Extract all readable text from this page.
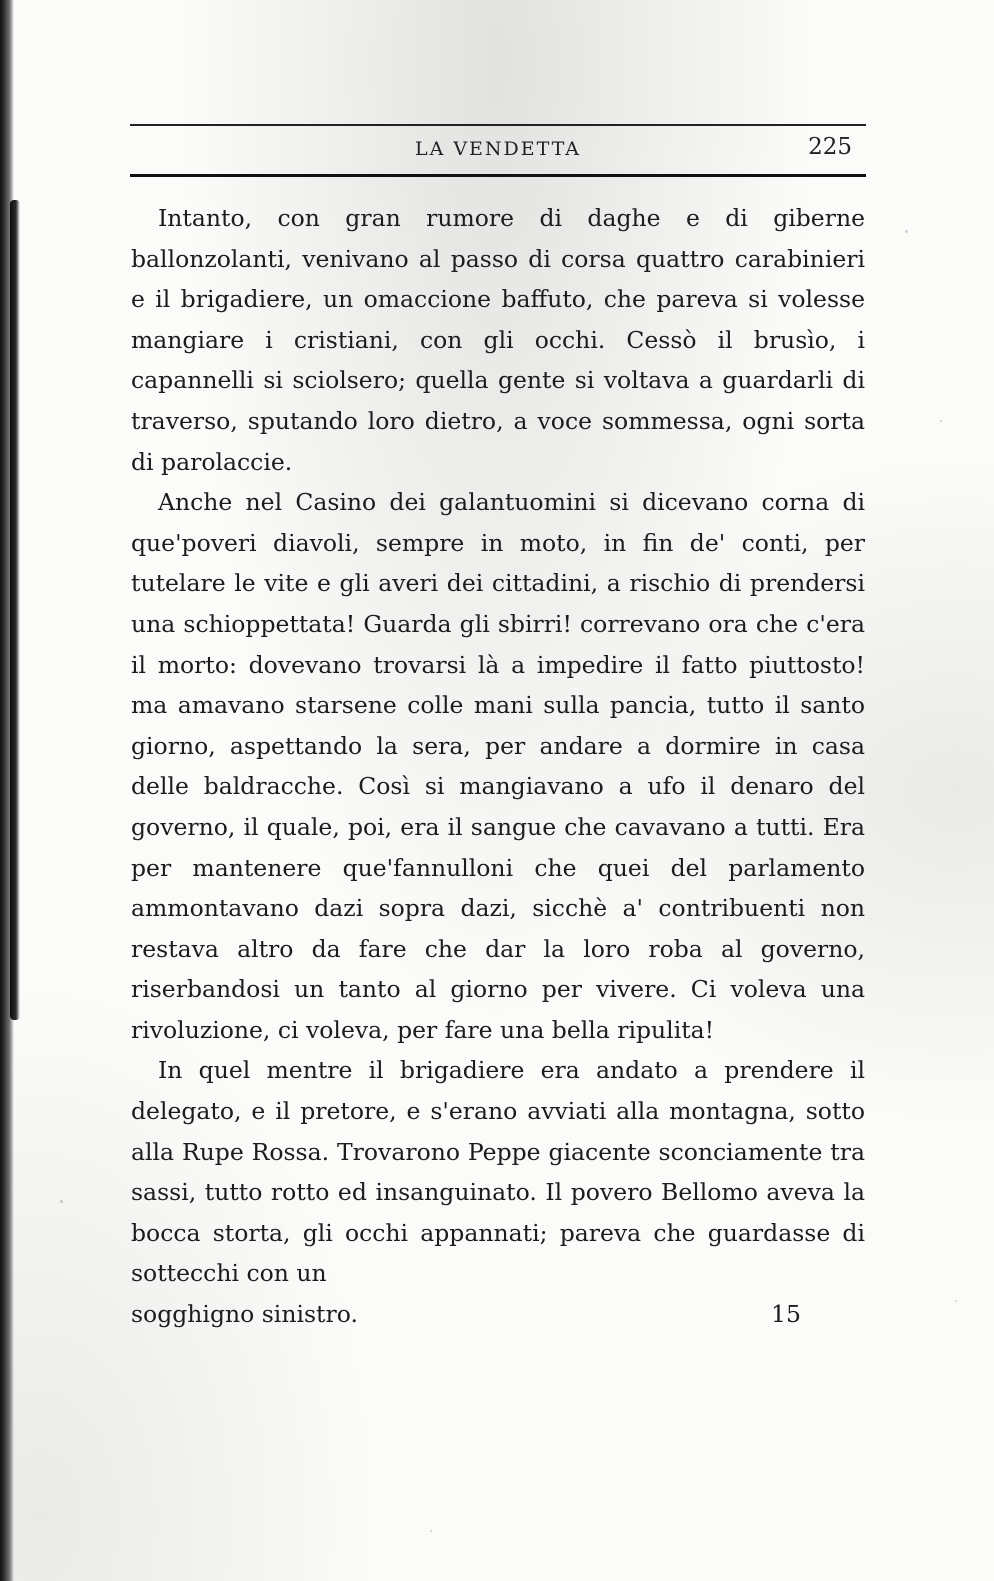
LA VENDETTA	225

Intanto, con gran rumore di daghe e di giberne ballonzolanti, venivano al passo di corsa quattro carabinieri e il brigadiere, un omaccione baffuto, che pareva si volesse mangiare i cristiani, con gli occhi. Cessò il brusìo, i capannelli si sciolsero; quella gente si voltava a guardarli di traverso, sputando loro dietro, a voce sommessa, ogni sorta di parolaccie.

Anche nel Casino dei galantuomini si dicevano corna di que'poveri diavoli, sempre in moto, in fin de' conti, per tutelare le vite e gli averi dei cittadini, a rischio di prendersi una schioppettata! Guarda gli sbirri! correvano ora che c'era il morto: dovevano trovarsi là a impedire il fatto piuttosto! ma amavano starsene colle mani sulla pancia, tutto il santo giorno, aspettando la sera, per andare a dormire in casa delle baldracche. Così si mangiavano a ufo il denaro del governo, il quale, poi, era il sangue che cavavano a tutti. Era per mantenere que'fannulloni che quei del parlamento ammontavano dazi sopra dazi, sicchè a' contribuenti non restava altro da fare che dar la loro roba al governo, riserbandosi un tanto al giorno per vivere. Ci voleva una rivoluzione, ci voleva, per fare una bella ripulita!

In quel mentre il brigadiere era andato a prendere il delegato, e il pretore, e s'erano avviati alla montagna, sotto alla Rupe Rossa. Trovarono Peppe giacente sconciamente tra sassi, tutto rotto ed insanguinato. Il povero Bellomo aveva la bocca storta, gli occhi appannati; pareva che guardasse di sottecchi con un

sogghigno sinistro.	15
